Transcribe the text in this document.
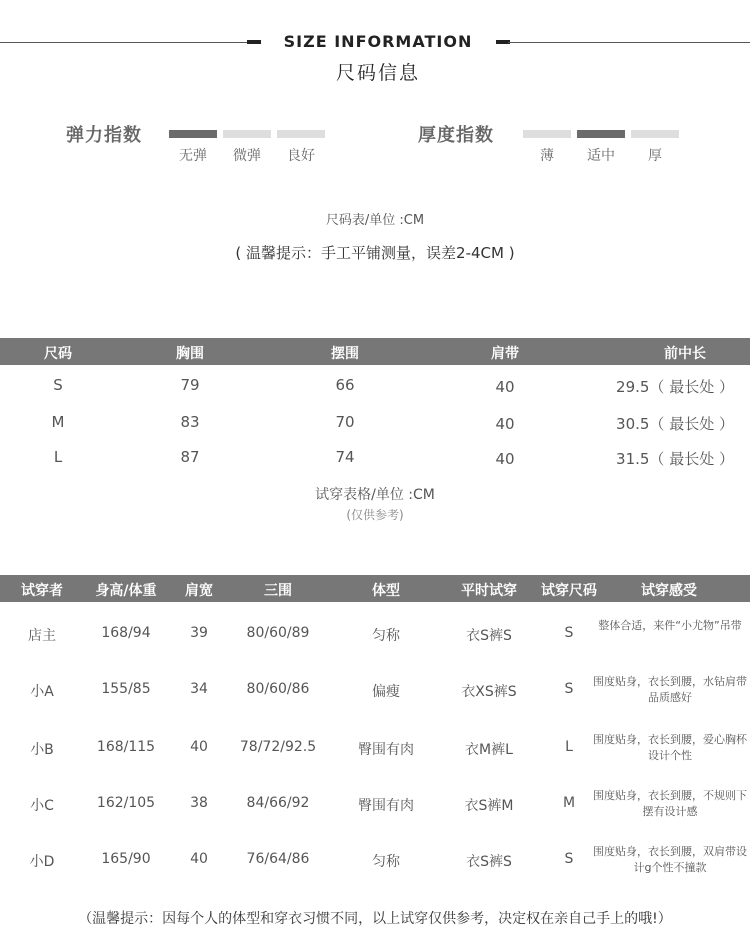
SIZE INFORMATION
尺码信息
弹力指数
无弹	微弹	良好
厚度指数
薄	适中	厚
尺码表/单位 :CM
( 温馨提示：手工平铺测量，误差2-4CM )
尺码	胸围	摆围	肩带	前中长
S	79	66	40	29.5（ 最长处 ）
M	83	70	40	30.5（ 最长处 ）
L	87	74	40	31.5（ 最长处 ）
试穿表格/单位 :CM
(仅供参考)
试穿者	身高/体重	肩宽	三围	体型	平时试穿	试穿尺码	试穿感受
店主	168/94	39	80/60/89	匀称	衣S裤S	S	整体合适，来件“小尤物”吊带
小A	155/85	34	80/60/86	偏瘦	衣XS裤S	S	围度贴身，衣长到腰，水钻肩带品质感好
小B	168/115	40	78/72/92.5	臀围有肉	衣M裤L	L	围度贴身，衣长到腰，爱心胸杯设计个性
小C	162/105	38	84/66/92	臀围有肉	衣S裤M	M	围度贴身，衣长到腰，不规则下摆有设计感
小D	165/90	40	76/64/86	匀称	衣S裤S	S	围度贴身，衣长到腰，双肩带设计g个性不撞款
（温馨提示：因每个人的体型和穿衣习惯不同，以上试穿仅供参考，决定权在亲自己手上的哦!）
